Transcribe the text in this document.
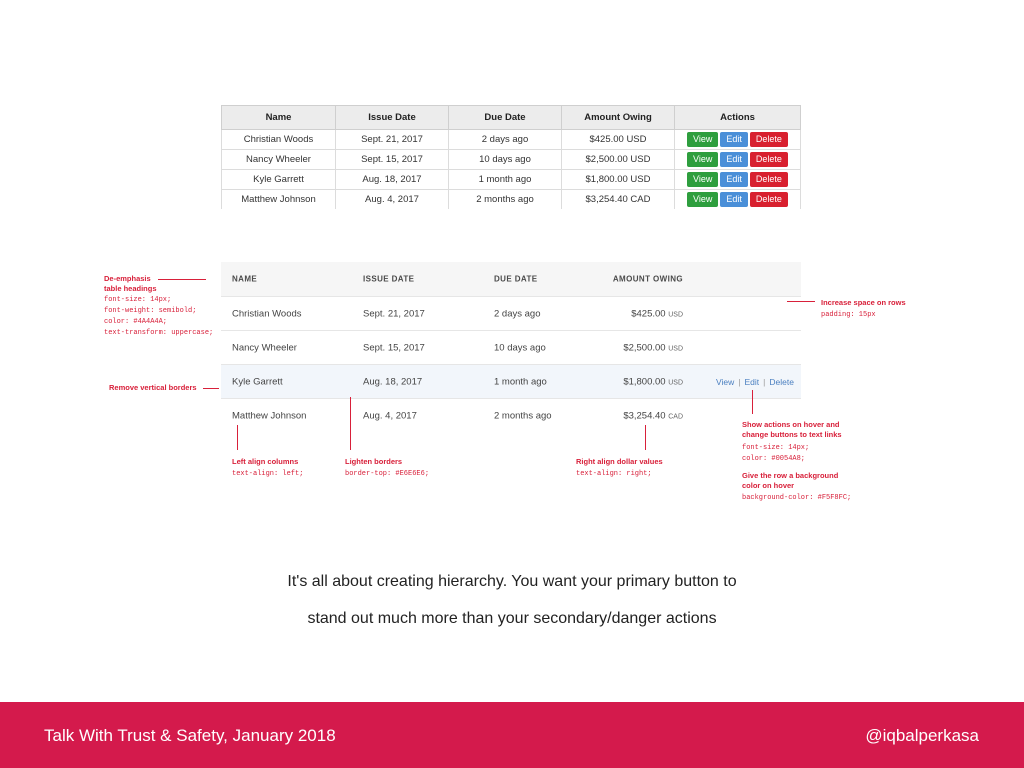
Name	Issue Date	Due Date	Amount Owing	Actions
Christian Woods	Sept. 21, 2017	2 days ago	$425.00 USD	View Edit Delete
Nancy Wheeler	Sept. 15, 2017	10 days ago	$2,500.00 USD	View Edit Delete
Kyle Garrett	Aug. 18, 2017	1 month ago	$1,800.00 USD	View Edit Delete
Matthew Johnson	Aug. 4, 2017	2 months ago	$3,254.40 CAD	View Edit Delete
NAME	ISSUE DATE	DUE DATE	AMOUNT OWING
Christian Woods	Sept. 21, 2017	2 days ago	$425.00 USD
Nancy Wheeler	Sept. 15, 2017	10 days ago	$2,500.00 USD
Kyle Garrett	Aug. 18, 2017	1 month ago	$1,800.00 USD	View | Edit | Delete
Matthew Johnson	Aug. 4, 2017	2 months ago	$3,254.40 CAD
De-emphasis
table headings
font-size: 14px;
font-weight: semibold;
color: #4A4A4A;
text-transform: uppercase;
Remove vertical borders
Left align columns
text-align: left;
Lighten borders
border-top: #E6E6E6;
Right align dollar values
text-align: right;
Increase space on rows
padding: 15px
Show actions on hover and
change buttons to text links
font-size: 14px;
color: #0054A8;
Give the row a background
color on hover
background-color: #F5F8FC;
It's all about creating hierarchy. You want your primary button to
stand out much more than your secondary/danger actions
Talk With Trust & Safety, January 2018	@iqbalperkasa
